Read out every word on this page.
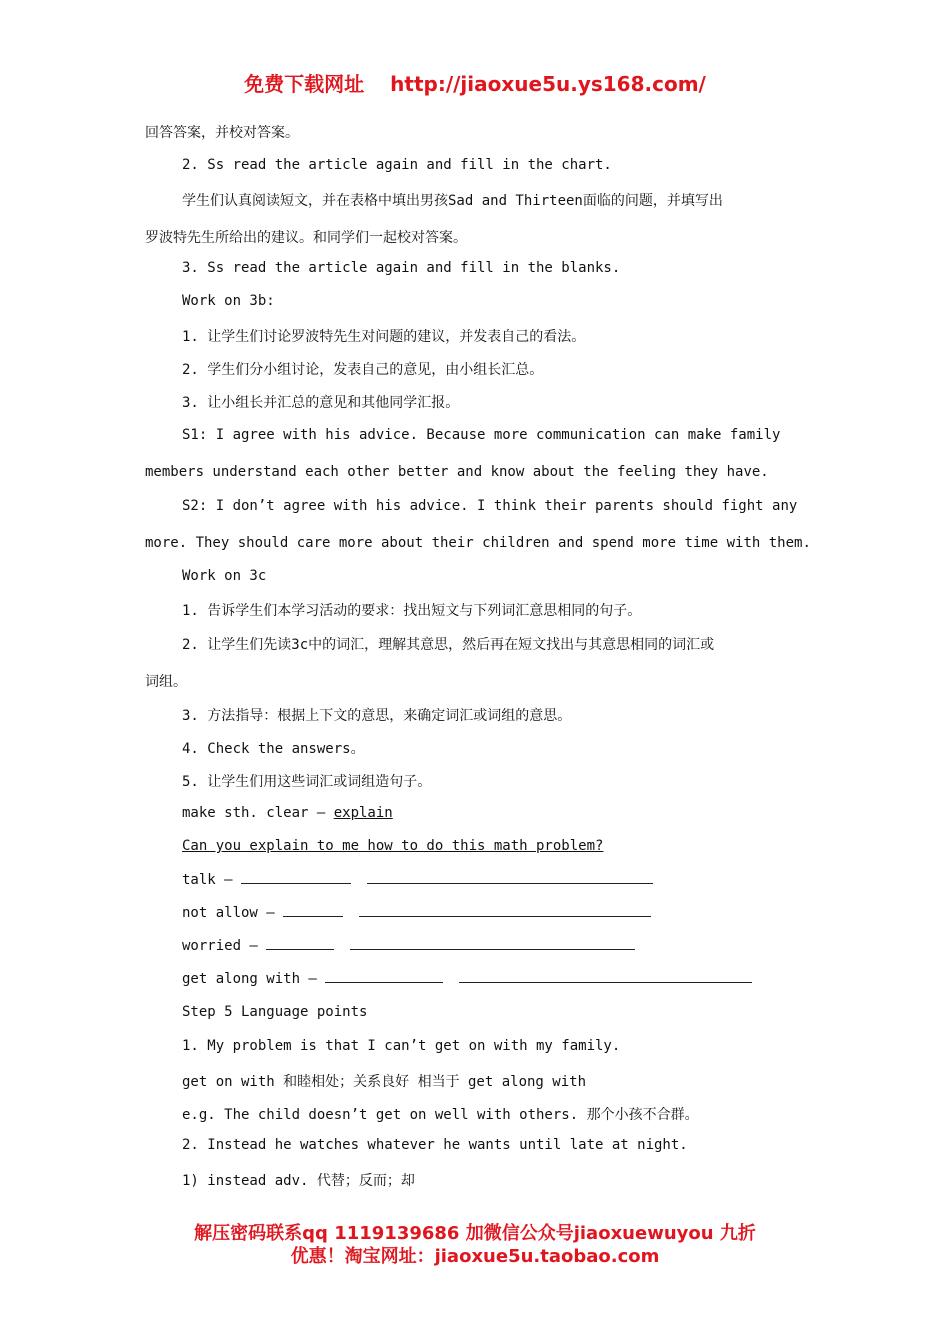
免费下载网址 http://jiaoxue5u.ys168.com/
回答答案，并校对答案。
2. Ss read the article again and fill in the chart.
学生们认真阅读短文，并在表格中填出男孩Sad and Thirteen面临的问题，并填写出
罗波特先生所给出的建议。和同学们一起校对答案。
3. Ss read the article again and fill in the blanks.
Work on 3b:
1. 让学生们讨论罗波特先生对问题的建议，并发表自己的看法。
2. 学生们分小组讨论，发表自己的意见，由小组长汇总。
3. 让小组长并汇总的意见和其他同学汇报。
S1: I agree with his advice. Because more communication can make family
members understand each other better and know about the feeling they have.
S2: I don’t agree with his advice. I think their parents should fight any
more. They should care more about their children and spend more time with them.
Work on 3c
1. 告诉学生们本学习活动的要求：找出短文与下列词汇意思相同的句子。
2. 让学生们先读3c中的词汇，理解其意思，然后再在短文找出与其意思相同的词汇或
词组。
3. 方法指导：根据上下文的意思，来确定词汇或词组的意思。
4. Check the answers。
5. 让学生们用这些词汇或词组造句子。
make sth. clear — explain
Can you explain to me how to do this math problem?
talk —
not allow —
worried —
get along with —
Step 5 Language points
1. My problem is that I can’t get on with my family.
get on with 和睦相处；关系良好 相当于 get along with
e.g. The child doesn’t get on well with others. 那个小孩不合群。
2. Instead he watches whatever he wants until late at night.
1) instead adv. 代替；反而；却
解压密码联系qq 1119139686 加微信公众号jiaoxuewuyou 九折
优惠！淘宝网址：jiaoxue5u.taobao.com
